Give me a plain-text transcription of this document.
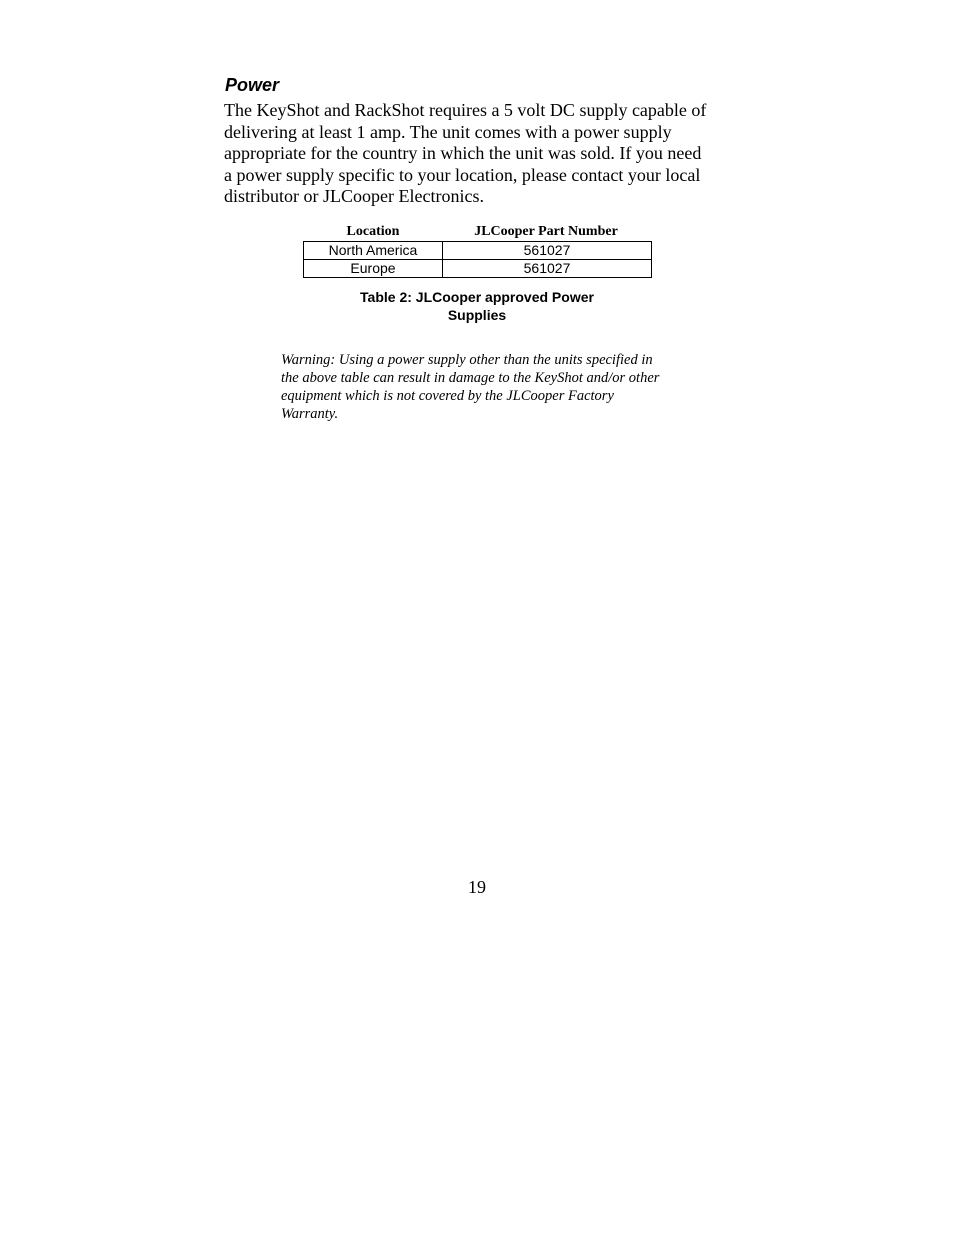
Power

The KeyShot and RackShot requires a 5 volt DC supply capable of
delivering at least 1 amp. The unit comes with a power supply
appropriate for the country in which the unit was sold. If you need
a power supply specific to your location, please contact your local
distributor or JLCooper Electronics.

Location	JLCooper Part Number
North America	561027
Europe	561027

Table 2: JLCooper approved Power
Supplies

Warning: Using a power supply other than the units specified in
the above table can result in damage to the KeyShot and/or other
equipment which is not covered by the JLCooper Factory
Warranty.

19
